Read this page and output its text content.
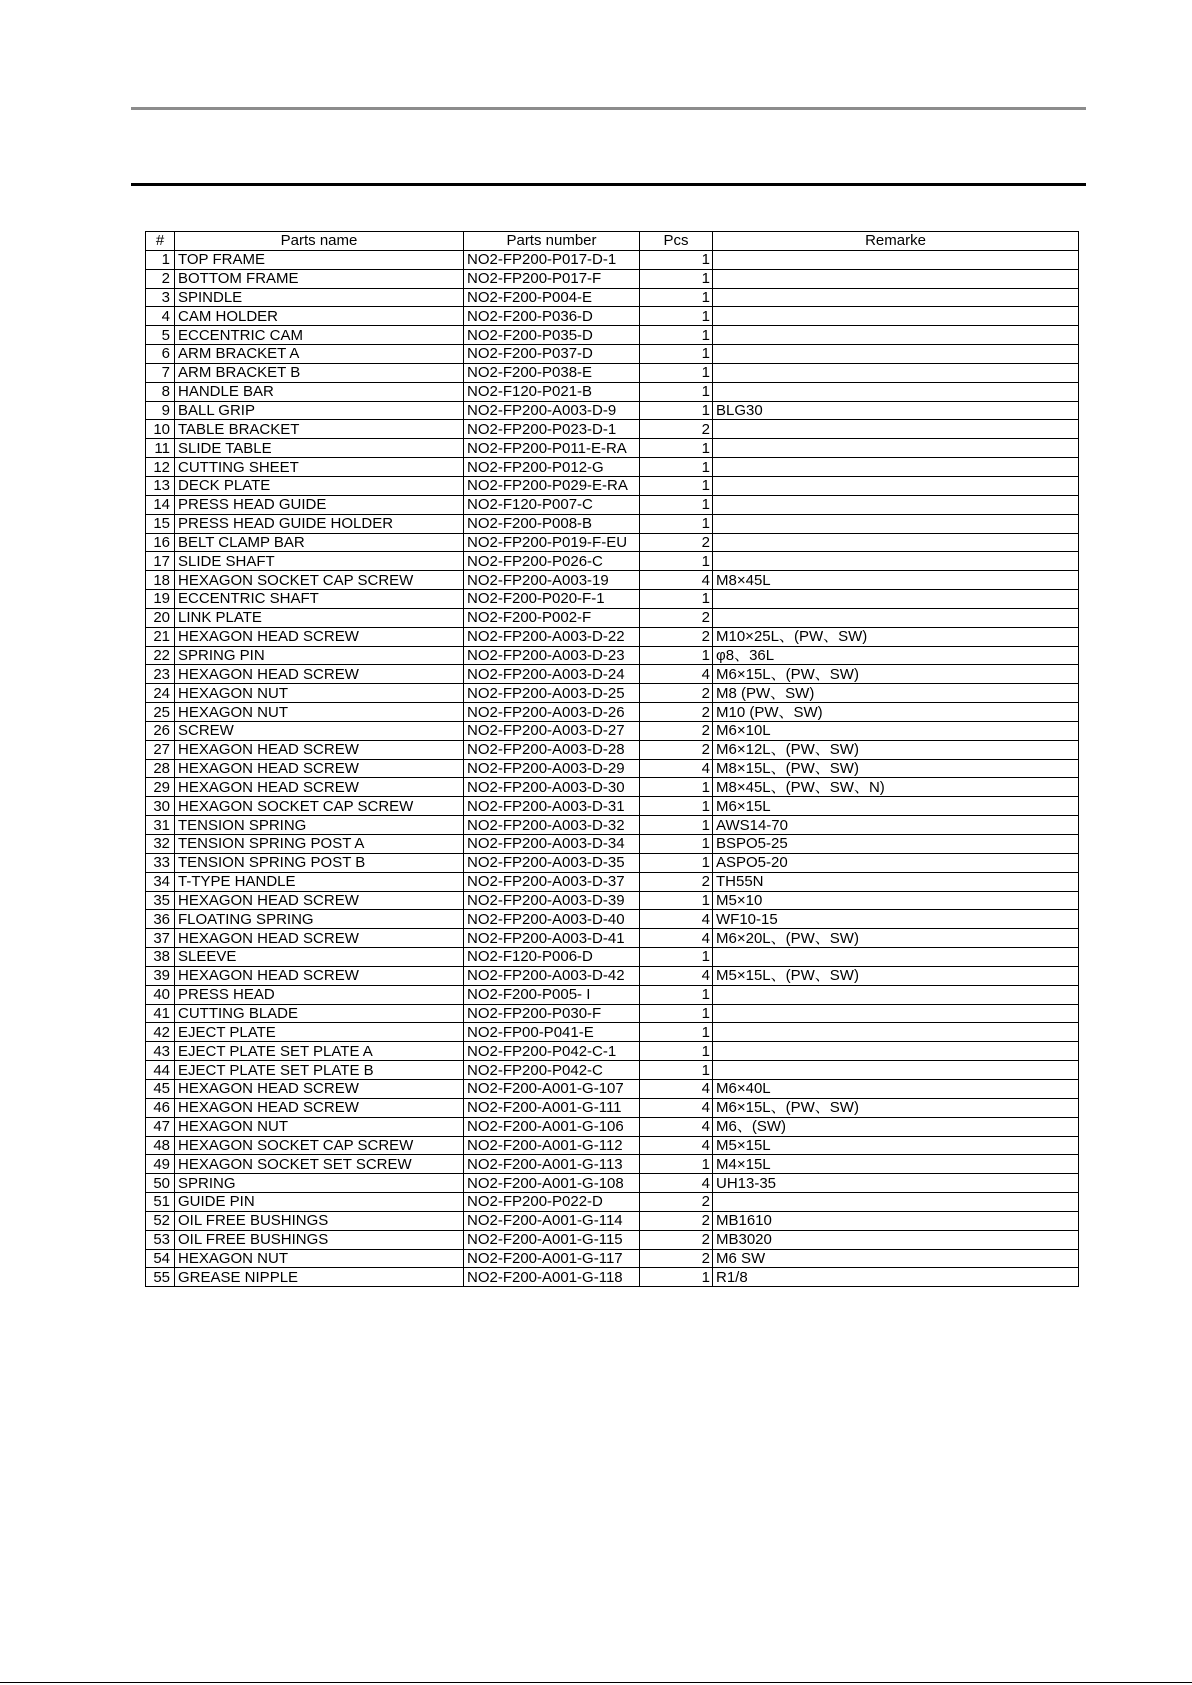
#	Parts name	Parts number	Pcs	Remarke
1	TOP FRAME	NO2-FP200-P017-D-1	1	
2	BOTTOM FRAME	NO2-FP200-P017-F	1	
3	SPINDLE	NO2-F200-P004-E	1	
4	CAM HOLDER	NO2-F200-P036-D	1	
5	ECCENTRIC CAM	NO2-F200-P035-D	1	
6	ARM BRACKET A	NO2-F200-P037-D	1	
7	ARM BRACKET B	NO2-F200-P038-E	1	
8	HANDLE BAR	NO2-F120-P021-B	1	
9	BALL GRIP	NO2-FP200-A003-D-9	1	BLG30
10	TABLE BRACKET	NO2-FP200-P023-D-1	2	
11	SLIDE TABLE	NO2-FP200-P011-E-RA	1	
12	CUTTING SHEET	NO2-FP200-P012-G	1	
13	DECK PLATE	NO2-FP200-P029-E-RA	1	
14	PRESS HEAD GUIDE	NO2-F120-P007-C	1	
15	PRESS HEAD GUIDE HOLDER	NO2-F200-P008-B	1	
16	BELT CLAMP BAR	NO2-FP200-P019-F-EU	2	
17	SLIDE SHAFT	NO2-FP200-P026-C	1	
18	HEXAGON SOCKET CAP SCREW	NO2-FP200-A003-19	4	M8×45L
19	ECCENTRIC SHAFT	NO2-F200-P020-F-1	1	
20	LINK PLATE	NO2-F200-P002-F	2	
21	HEXAGON HEAD SCREW	NO2-FP200-A003-D-22	2	M10×25L、(PW、SW)
22	SPRING PIN	NO2-FP200-A003-D-23	1	φ8、36L
23	HEXAGON HEAD SCREW	NO2-FP200-A003-D-24	4	M6×15L、(PW、SW)
24	HEXAGON NUT	NO2-FP200-A003-D-25	2	M8 (PW、SW)
25	HEXAGON NUT	NO2-FP200-A003-D-26	2	M10 (PW、SW)
26	SCREW	NO2-FP200-A003-D-27	2	M6×10L
27	HEXAGON HEAD SCREW	NO2-FP200-A003-D-28	2	M6×12L、(PW、SW)
28	HEXAGON HEAD SCREW	NO2-FP200-A003-D-29	4	M8×15L、(PW、SW)
29	HEXAGON HEAD SCREW	NO2-FP200-A003-D-30	1	M8×45L、(PW、SW、N)
30	HEXAGON SOCKET CAP SCREW	NO2-FP200-A003-D-31	1	M6×15L
31	TENSION SPRING	NO2-FP200-A003-D-32	1	AWS14-70
32	TENSION SPRING POST A	NO2-FP200-A003-D-34	1	BSPO5-25
33	TENSION SPRING POST B	NO2-FP200-A003-D-35	1	ASPO5-20
34	T-TYPE HANDLE	NO2-FP200-A003-D-37	2	TH55N
35	HEXAGON HEAD SCREW	NO2-FP200-A003-D-39	1	M5×10
36	FLOATING SPRING	NO2-FP200-A003-D-40	4	WF10-15
37	HEXAGON HEAD SCREW	NO2-FP200-A003-D-41	4	M6×20L、(PW、SW)
38	SLEEVE	NO2-F120-P006-D	1	
39	HEXAGON HEAD SCREW	NO2-FP200-A003-D-42	4	M5×15L、(PW、SW)
40	PRESS HEAD	NO2-F200-P005- I	1	
41	CUTTING BLADE	NO2-FP200-P030-F	1	
42	EJECT PLATE	NO2-FP00-P041-E	1	
43	EJECT PLATE SET PLATE A	NO2-FP200-P042-C-1	1	
44	EJECT PLATE SET PLATE B	NO2-FP200-P042-C	1	
45	HEXAGON HEAD SCREW	NO2-F200-A001-G-107	4	M6×40L
46	HEXAGON HEAD SCREW	NO2-F200-A001-G-111	4	M6×15L、(PW、SW)
47	HEXAGON NUT	NO2-F200-A001-G-106	4	M6、(SW)
48	HEXAGON SOCKET CAP SCREW	NO2-F200-A001-G-112	4	M5×15L
49	HEXAGON SOCKET SET SCREW	NO2-F200-A001-G-113	1	M4×15L
50	SPRING	NO2-F200-A001-G-108	4	UH13-35
51	GUIDE PIN	NO2-FP200-P022-D	2	
52	OIL FREE BUSHINGS	NO2-F200-A001-G-114	2	MB1610
53	OIL FREE BUSHINGS	NO2-F200-A001-G-115	2	MB3020
54	HEXAGON NUT	NO2-F200-A001-G-117	2	M6 SW
55	GREASE NIPPLE	NO2-F200-A001-G-118	1	R1/8
